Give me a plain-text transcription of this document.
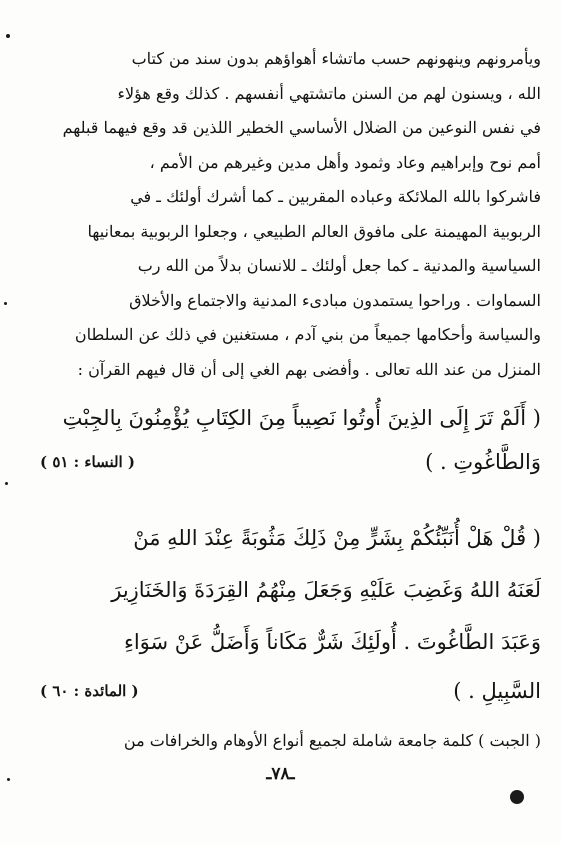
ويأمرونهم وينهونهم حسب ماتشاء أهواؤهم بدون سند من كتاب
الله ، ويسنون لهم من السنن ماتشتهي أنفسهم . كذلك وقع هؤلاء
في نفس النوعين من الضلال الأساسي الخطير اللذين قد وقع فيهما قبلهم
أمم نوح وإبراهيم وعاد وثمود وأهل مدين وغيرهم من الأمم ،
فاشركوا بالله الملائكة وعباده المقربين ـ كما أشرك أولئك ـ في
الربوبية المهيمنة على مافوق العالم الطبيعي ، وجعلوا الربوبية بمعانيها
السياسية والمدنية ـ كما جعل أولئك ـ للانسان بدلاً من الله رب
السماوات . وراحوا يستمدون مبادىء المدنية والاجتماع والأخلاق
والسياسة وأحكامها جميعاً من بني آدم ، مستغنين في ذلك عن السلطان
المنزل من عند الله تعالى . وأفضى بهم الغي إلى أن قال فيهم القرآن :
( أَلَمْ تَرَ إِلَى الذِينَ أُوتُوا نَصِيباً مِنَ الكِتَابِ يُؤْمِنُونَ بِالجِبْتِ
وَالطَّاغُوتِ . )
( النساء : ٥١ )
( قُلْ هَلْ أُنَبِّئُكُمْ بِشَرٍّ مِنْ ذَلِكَ مَثُوبَةً عِنْدَ اللهِ مَنْ
لَعَنَهُ اللهُ وَغَضِبَ عَلَيْهِ وَجَعَلَ مِنْهُمُ القِرَدَةَ وَالخَنَازِيرَ
وَعَبَدَ الطَّاغُوتَ . أُولَئِكَ شَرٌّ مَكَاناً وَأَضَلُّ عَنْ سَوَاءِ
السَّبِيلِ . )
( المائدة : ٦٠ )
( الجبت ) كلمة جامعة شاملة لجميع أنواع الأوهام والخرافات من
ـ٧٨ـ
